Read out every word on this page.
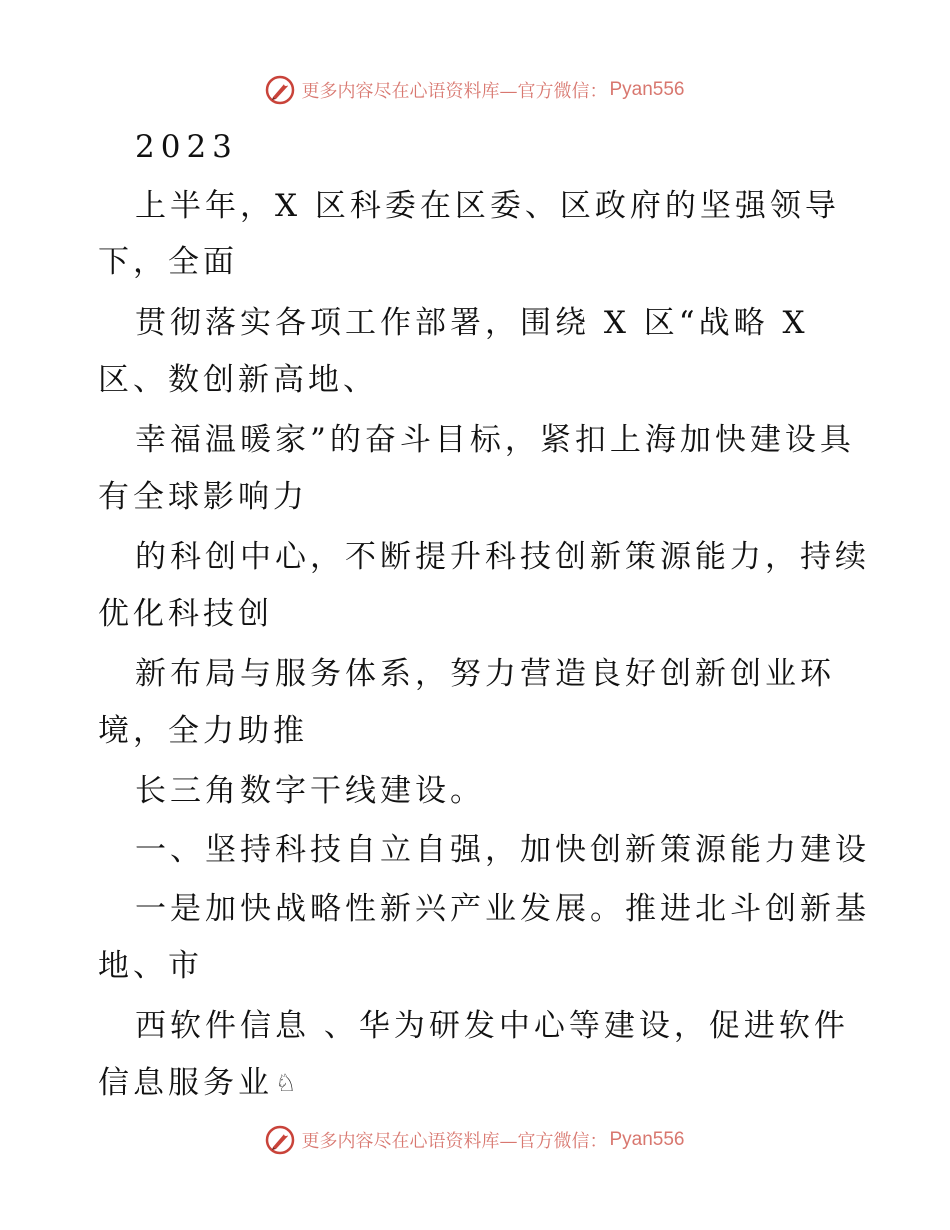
更多内容尽在心语资料库—官方微信： Pyan556
2023
上半年，X 区科委在区委、区政府的坚强领导
下，全面
贯彻落实各项工作部署，围绕 X 区“战略 X
区、数创新高地、
幸福温暖家”的奋斗目标，紧扣上海加快建设具
有全球影响力
的科创中心，不断提升科技创新策源能力，持续
优化科技创
新布局与服务体系，努力营造良好创新创业环
境，全力助推
长三角数字干线建设。
一、坚持科技自立自强，加快创新策源能力建设
一是加快战略性新兴产业发展。推进北斗创新基
地、市
西软件信息 、华为研发中心等建设，促进软件
信息服务业♘
更多内容尽在心语资料库—官方微信： Pyan556
